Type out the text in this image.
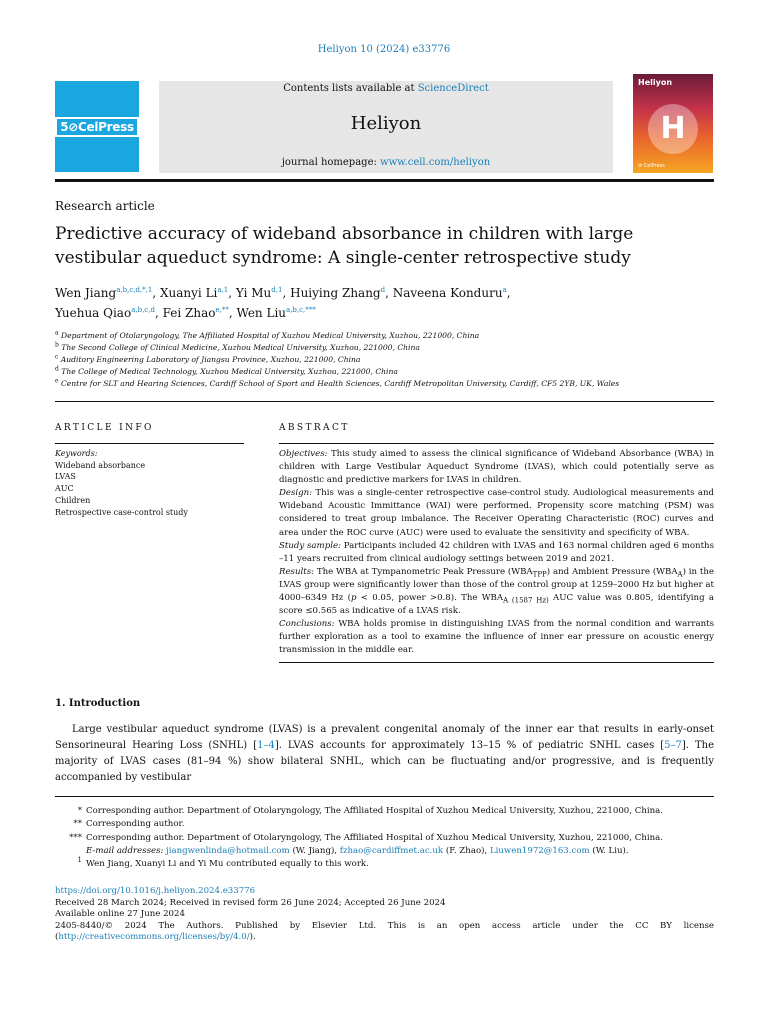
Heliyon 10 (2024) e33776
5⊘CelPress
Contents lists available at ScienceDirect
Heliyon
journal homepage: www.cell.com/heliyon
Heliyon
H
⊘ CelPress
Research article
Predictive accuracy of wideband absorbance in children with large vestibular aqueduct syndrome: A single-center retrospective study
Wen Jiang$^{a,b,c,d,*,1}$, Xuanyi Li$^{a,1}$, Yi Mu$^{d,1}$, Huiying Zhang$^d$, Naveena Konduru$^a$,
Yuehua Qiao$^{a,b,c,d}$, Fei Zhao$^{e,**}$, Wen Liu$^{a,b,c,***}$
$^a$ Department of Otolaryngology, The Affiliated Hospital of Xuzhou Medical University, Xuzhou, 221000, China
$^b$ The Second College of Clinical Medicine, Xuzhou Medical University, Xuzhou, 221000, China
$^c$ Auditory Engineering Laboratory of Jiangsu Province, Xuzhou, 221000, China
$^d$ The College of Medical Technology, Xuzhou Medical University, Xuzhou, 221000, China
$^e$ Centre for SLT and Hearing Sciences, Cardiff School of Sport and Health Sciences, Cardiff Metropolitan University, Cardiff, CF5 2YB, UK, Wales
ARTICLE INFO	ABSTRACT
Keywords:
Wideband absorbance
LVAS
AUC
Children
Retrospective case-control study
Objectives: This study aimed to assess the clinical significance of Wideband Absorbance (WBA) in children with Large Vestibular Aqueduct Syndrome (LVAS), which could potentially serve as diagnostic and predictive markers for LVAS in children.
Design: This was a single-center retrospective case-control study. Audiological measurements and Wideband Acoustic Immittance (WAI) were performed. Propensity score matching (PSM) was considered to treat group imbalance. The Receiver Operating Characteristic (ROC) curves and area under the ROC curve (AUC) were used to evaluate the sensitivity and specificity of WBA.
Study sample: Participants included 42 children with LVAS and 163 normal children aged 6 months –11 years recruited from clinical audiology settings between 2019 and 2021.
Results: The WBA at Tympanometric Peak Pressure $(WBA_{TPP})$ and Ambient Pressure $(WBA_A)$ in the LVAS group were significantly lower than those of the control group at 1259–2000 Hz but higher at 4000–6349 Hz (p < 0.05, power >0.8). The $WBA_{A (1587 Hz)}$ AUC value was 0.805, identifying a score ≤0.565 as indicative of a LVAS risk.
Conclusions: WBA holds promise in distinguishing LVAS from the normal condition and warrants further exploration as a tool to examine the influence of inner ear pressure on acoustic energy transmission in the middle ear.
1. Introduction
Large vestibular aqueduct syndrome (LVAS) is a prevalent congenital anomaly of the inner ear that results in early-onset Sensorineural Hearing Loss (SNHL) [1–4]. LVAS accounts for approximately 13–15 % of pediatric SNHL cases [5–7]. The majority of LVAS cases (81–94 %) show bilateral SNHL, which can be fluctuating and/or progressive, and is frequently accompanied by vestibular
* Corresponding author. Department of Otolaryngology, The Affiliated Hospital of Xuzhou Medical University, Xuzhou, 221000, China.
** Corresponding author.
*** Corresponding author. Department of Otolaryngology, The Affiliated Hospital of Xuzhou Medical University, Xuzhou, 221000, China.
E-mail addresses: jiangwenlinda@hotmail.com (W. Jiang), fzhao@cardiffmet.ac.uk (F. Zhao), Liuwen1972@163.com (W. Liu).
$^1$ Wen Jiang, Xuanyi Li and Yi Mu contributed equally to this work.
https://doi.org/10.1016/j.heliyon.2024.e33776
Received 28 March 2024; Received in revised form 26 June 2024; Accepted 26 June 2024
Available online 27 June 2024
2405-8440/© 2024 The Authors. Published by Elsevier Ltd. This is an open access article under the CC BY license (http://creativecommons.org/licenses/by/4.0/).
